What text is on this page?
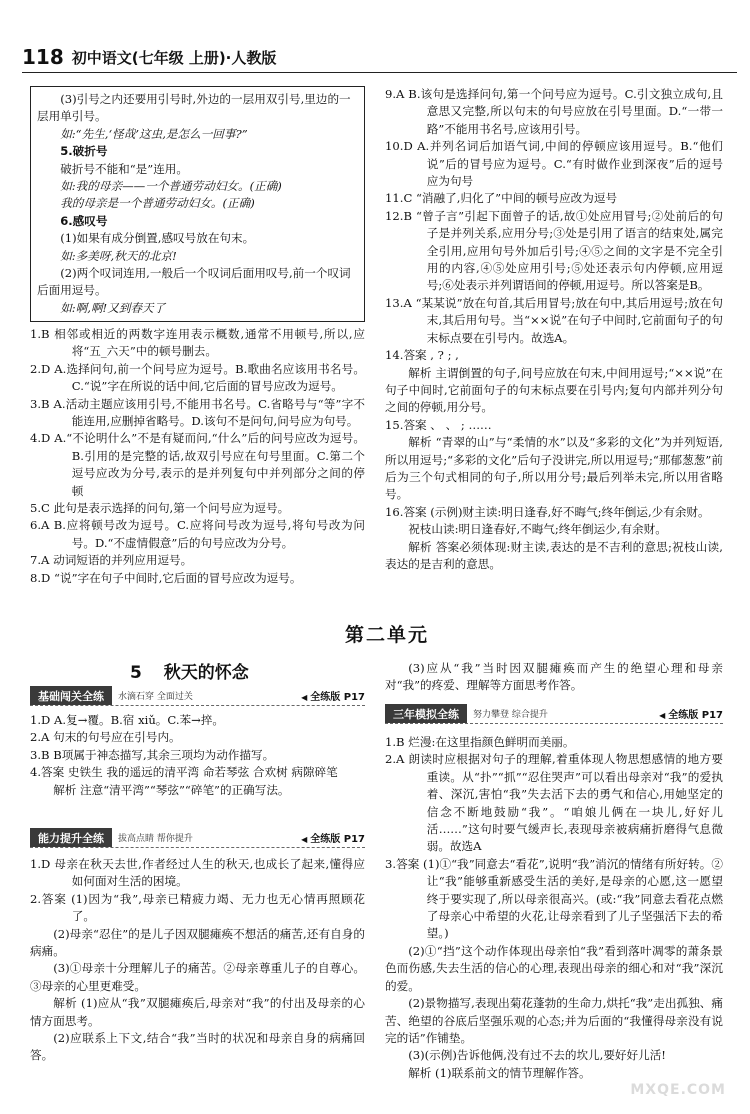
118 初中语文(七年级 上册)·人教版

(3)引号之内还要用引号时,外边的一层用双引号,里边的一层用单引号。

如:“先生,‘怪哉’这虫,是怎么一回事?”

5.破折号

破折号不能和“是”连用。

如:我的母亲——一个普通劳动妇女。(正确)

我的母亲是一个普通劳动妇女。(正确)

6.感叹号

(1)如果有成分倒置,感叹号放在句末。

如:多美呀,秋天的北京!

(2)两个叹词连用,一般后一个叹词后面用叹号,前一个叹词后面用逗号。

如:啊,啊!又到春天了

1.B 相邻或相近的两数字连用表示概数,通常不用顿号,所以,应将“五_六天”中的顿号删去。

2.D A.选择问句,前一个问号应为逗号。B.歌曲名应该用书名号。C.“说”字在所说的话中间,它后面的冒号应改为逗号。

3.B A.活动主题应该用引号,不能用书名号。C.省略号与“等”字不能连用,应删掉省略号。D.该句不是问句,问号应为句号。

4.D A.“不论明什么”不是有疑而问,“什么”后的问号应改为逗号。B.引用的是完整的话,故双引号应在句号里面。C.第二个逗号应改为分号,表示的是并列复句中并列部分之间的停顿

5.C 此句是表示选择的问句,第一个问号应为逗号。

6.A B.应将顿号改为逗号。C.应将问号改为逗号,将句号改为问号。D.“不虚情假意”后的句号应改为分号。

7.A 动词短语的并列应用逗号。

8.D “说”字在句子中间时,它后面的冒号应改为逗号。

9.A B.该句是选择问句,第一个问号应为逗号。C.引文独立成句,且意思又完整,所以句末的句号应放在引号里面。D.“一带一路”不能用书名号,应该用引号。

10.D A.并列名词后加语气词,中间的停顿应该用逗号。B.“他们说”后的冒号应为逗号。C.“有时做作业到深夜”后的逗号应为句号

11.C “消融了,归化了”中间的顿号应改为逗号

12.B “曾子言”引起下面曾子的话,故①处应用冒号;②处前后的句子是并列关系,应用分号;③处是引用了语言的结束处,属完全引用,应用句号外加后引号;④⑤之间的文字是不完全引用的内容,④⑤处应用引号;⑤处还表示句内停顿,应用逗号;⑥处表示并列谓语间的停顿,用逗号。所以答案是B。

13.A “某某说”放在句首,其后用冒号;放在句中,其后用逗号;放在句末,其后用句号。当“××说”在句子中间时,它前面句子的句末标点要在引号内。故选A。

14.答案 , ? ; ,

解析 主谓倒置的句子,问号应放在句末,中间用逗号;“××说”在句子中间时,它前面句子的句末标点要在引号内;复句内部并列分句之间的停顿,用分号。

15.答案 、 、 ; ……

解析 “青翠的山”与“柔情的水”以及“多彩的文化”为并列短语,所以用逗号;“多彩的文化”后句子没讲完,所以用逗号;“那郁葱葱”前后为三个句式相同的句子,所以用分号;最后列举未完,所以用省略号。

16.答案 (示例)财主读:明日逢春,好不晦气;终年倒运,少有余财。

祝枝山读:明日逢春好,不晦气;终年倒运少,有余财。

解析 答案必须体现:财主读,表达的是不吉利的意思;祝枝山读,表达的是吉利的意思。

第二单元
5 秋天的怀念
基础闯关全练	水滴石穿 全面过关	◀ 全练版 P17

1.D A.复→覆。B.宿 xiǔ。C.苯→捽。

2.A 句末的句号应在引号内。

3.B B项属于神态描写,其余三项均为动作描写。

4.答案 史铁生 我的遥远的清平湾 命若琴弦 合欢树 病隙碎笔

解析 注意“清平湾”“琴弦”“碎笔”的正确写法。

能力提升全练	拔高点睛 帮你提升	◀ 全练版 P17

1.D 母亲在秋天去世,作者经过人生的秋天,也成长了起来,懂得应如何面对生活的困境。

2.答案 (1)因为“我”,母亲已精疲力竭、无力也无心情再照顾花了。

(2)母亲“忍住”的是儿子因双腿瘫痪不想活的痛苦,还有自身的病痛。

(3)①母亲十分理解儿子的痛苦。②母亲尊重儿子的自尊心。③母亲的心里更难受。

解析 (1)应从“我”双腿瘫痪后,母亲对“我”的付出及母亲的心情方面思考。

(2)应联系上下文,结合“我”当时的状况和母亲自身的病痛回答。

(3)应从“我”当时因双腿瘫痪而产生的绝望心理和母亲对“我”的疼爱、理解等方面思考作答。

三年模拟全练	努力攀登 综合提升	◀ 全练版 P17

1.B 烂漫:在这里指颜色鲜明而美丽。

2.A 朗读时应根据对句子的理解,着重体现人物思想感情的地方要重读。从“扑”“抓”“忍住哭声”可以看出母亲对“我”的爱执着、深沉,害怕“我”失去活下去的勇气和信心,用她坚定的信念不断地鼓励“我”。“咱娘儿俩在一块儿,好好儿活……”这句时要气缓声长,表现母亲被病痛折磨得气息微弱。故选A

3.答案 (1)①“我”同意去“看花”,说明“我”消沉的情绪有所好转。②让“我”能够重新感受生活的美好,是母亲的心愿,这一愿望终于要实现了,所以母亲很高兴。(或:“我”同意去看花点燃了母亲心中希望的火花,让母亲看到了儿子坚强活下去的希望。)

(2)①“挡”这个动作体现出母亲怕“我”看到落叶凋零的萧条景色而伤感,失去生活的信心的心理,表现出母亲的细心和对“我”深沉的爱。

(2)景物描写,表现出菊花蓬勃的生命力,烘托“我”走出孤独、痛苦、绝望的谷底后坚强乐观的心态;并为后面的“我懂得母亲没有说完的话”作铺垫。

(3)(示例)告诉他俩,没有过不去的坎儿,要好好儿活!

解析 (1)联系前文的情节理解作答。

MXQE.COM
